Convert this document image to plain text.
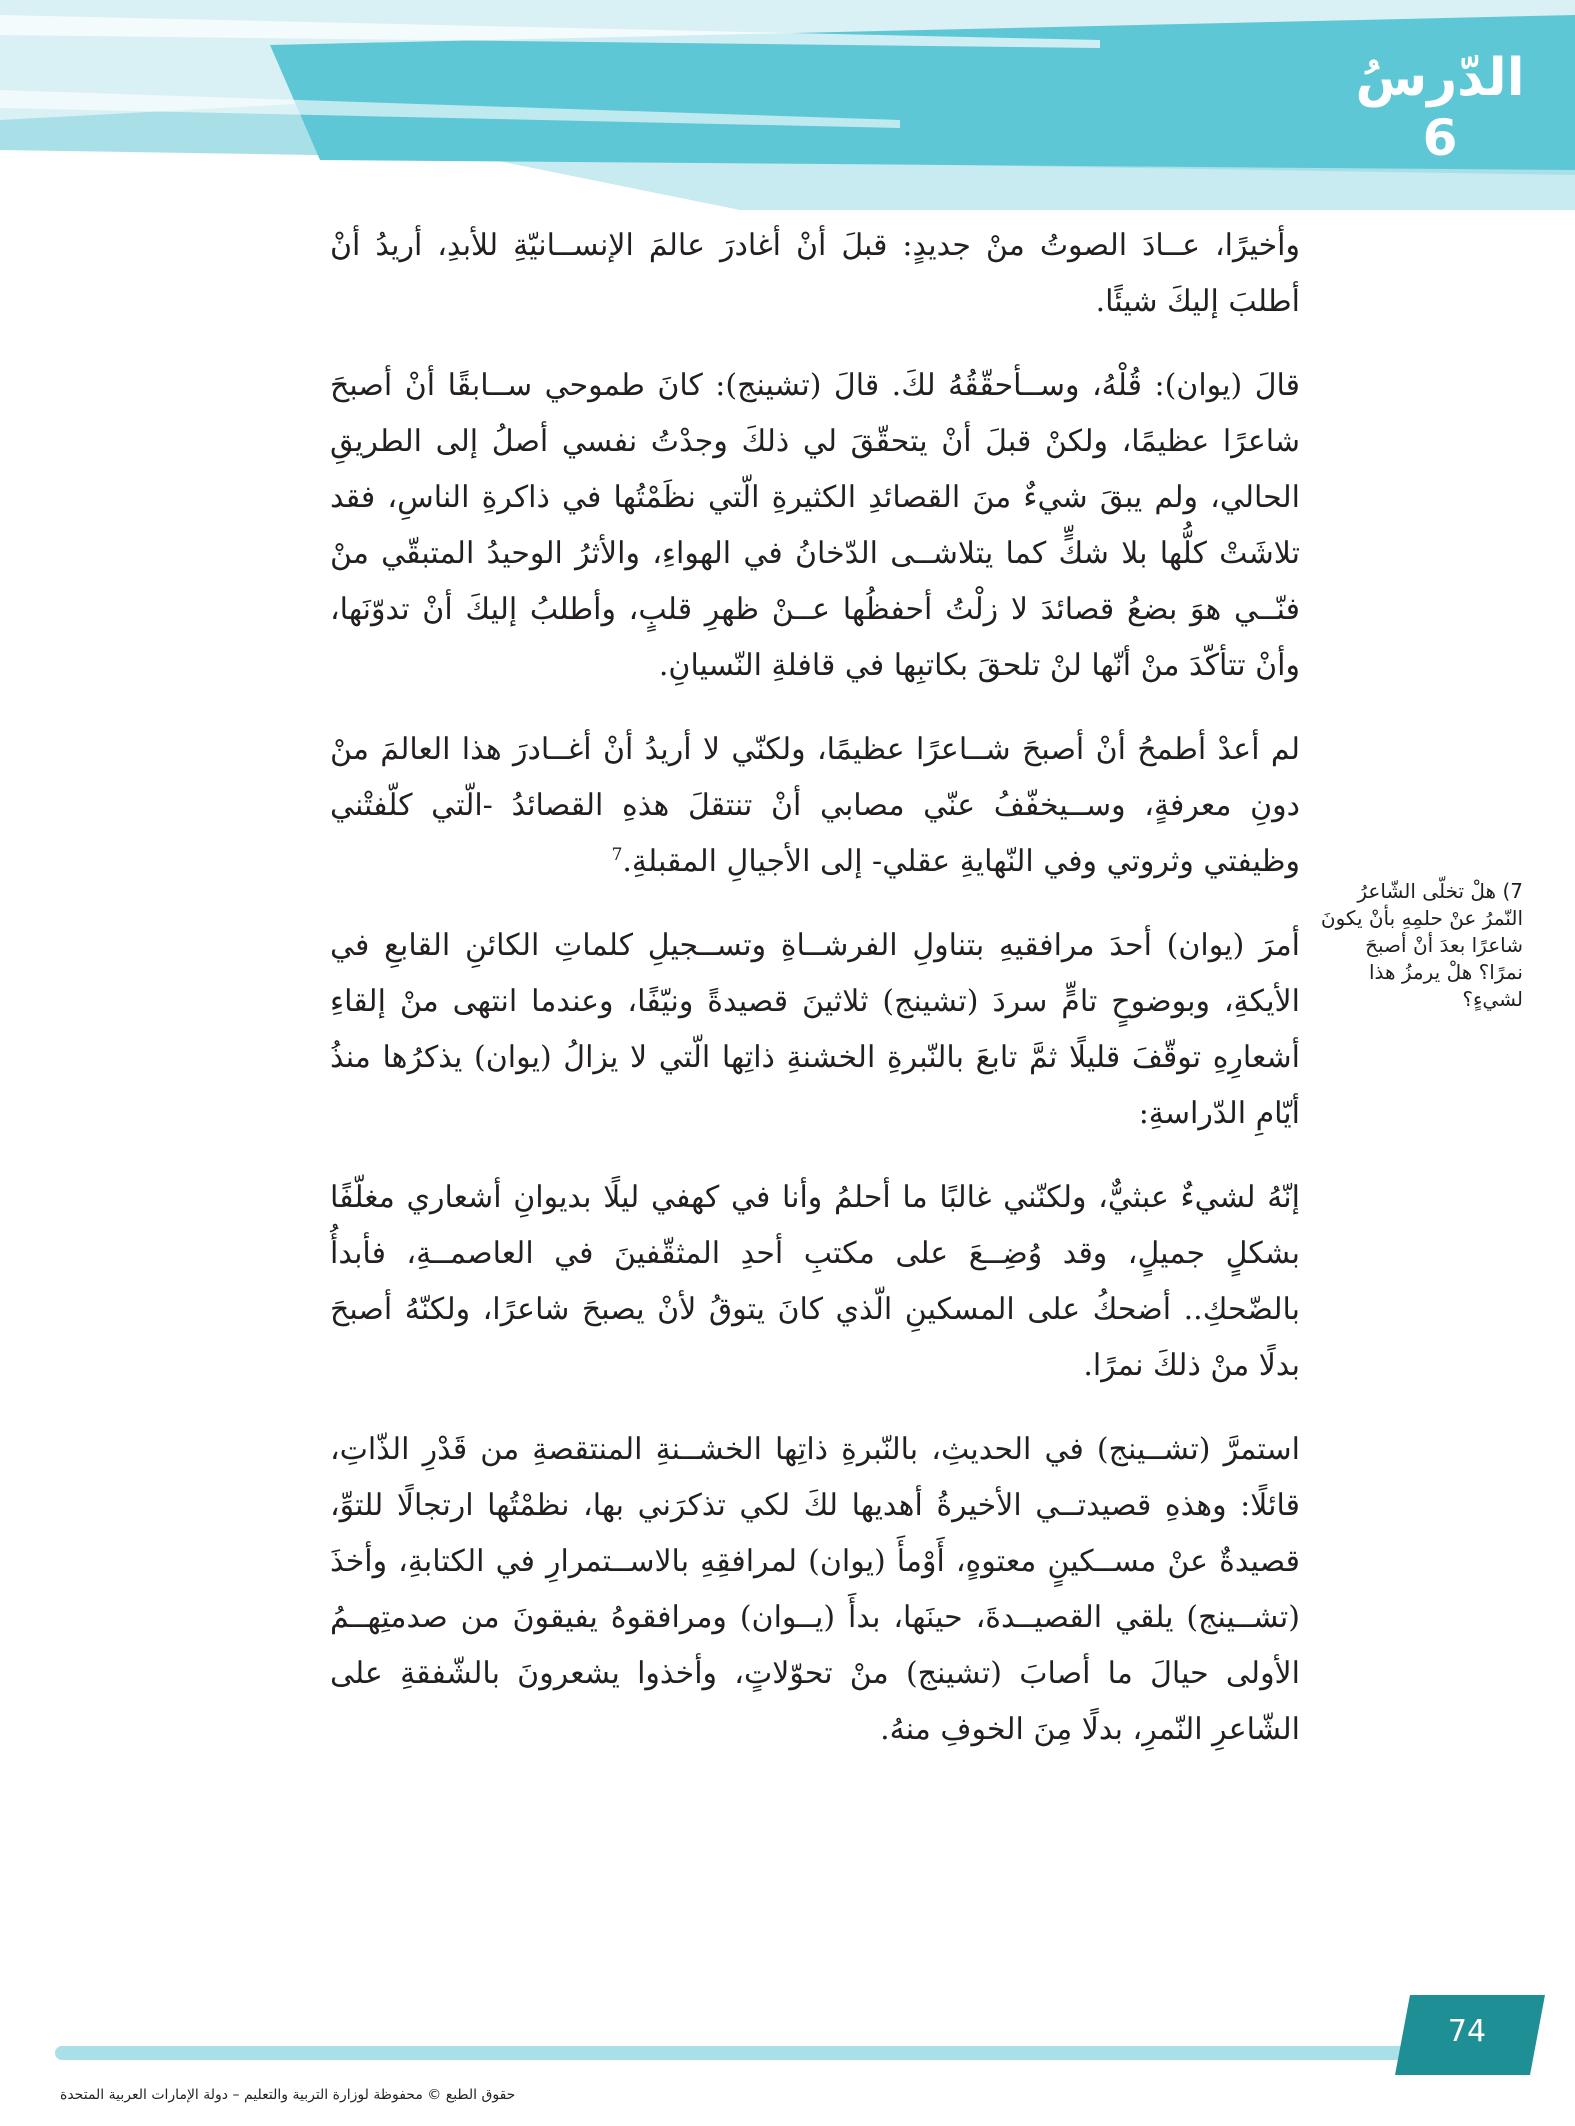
الدّرسُ
6

وأخيرًا، عــادَ الصوتُ منْ جديدٍ: قبلَ أنْ أغادرَ عالمَ الإنســانيّةِ للأبدِ، أريدُ أنْ أطلبَ إليكَ شيئًا.

قالَ (يوان): قُلْهُ، وســأحقّقُهُ لكَ. قالَ (تشينج): كانَ طموحي ســابقًا أنْ أصبحَ شاعرًا عظيمًا، ولكنْ قبلَ أنْ يتحقّقَ لي ذلكَ وجدْتُ نفسي أصلُ إلى الطريقِ الحالي، ولم يبقَ شيءٌ منَ القصائدِ الكثيرةِ الّتي نظَمْتُها في ذاكرةِ الناسِ، فقد تلاشَتْ كلُّها بلا شكٍّ كما يتلاشــى الدّخانُ في الهواءِ، والأثرُ الوحيدُ المتبقّي منْ فنّــي هوَ بضعُ قصائدَ لا زلْتُ أحفظُها عــنْ ظهرِ قلبٍ، وأطلبُ إليكَ أنْ تدوّنَها، وأنْ تتأكّدَ منْ أنّها لنْ تلحقَ بكاتبِها في قافلةِ النّسيانِ.

لم أعدْ أطمحُ أنْ أصبحَ شــاعرًا عظيمًا، ولكنّي لا أريدُ أنْ أغــادرَ هذا العالمَ منْ دونِ معرفةٍ، وســيخفّفُ عنّي مصابي أنْ تنتقلَ هذهِ القصائدُ -الّتي كلّفتْني وظيفتي وثروتي وفي النّهايةِ عقلي- إلى الأجيالِ المقبلةِ.$^7$

أمرَ (يوان) أحدَ مرافقيهِ بتناولِ الفرشــاةِ وتســجيلِ كلماتِ الكائنِ القابعِ في الأيكةِ، وبوضوحٍ تامٍّ سردَ (تشينج) ثلاثينَ قصيدةً ونيّفًا، وعندما انتهى منْ إلقاءِ أشعارِهِ توقّفَ قليلًا ثمَّ تابعَ بالنّبرةِ الخشنةِ ذاتِها الّتي لا يزالُ (يوان) يذكرُها منذُ أيّامِ الدّراسةِ:

إنّهُ لشيءٌ عبثيٌّ، ولكنّني غالبًا ما أحلمُ وأنا في كهفي ليلًا بديوانِ أشعاري مغلّفًا بشكلٍ جميلٍ، وقد وُضِــعَ على مكتبِ أحدِ المثقّفينَ في العاصمــةِ، فأبدأُ بالضّحكِ.. أضحكُ على المسكينِ الّذي كانَ يتوقُ لأنْ يصبحَ شاعرًا، ولكنّهُ أصبحَ بدلًا منْ ذلكَ نمرًا.

استمرَّ (تشــينج) في الحديثِ، بالنّبرةِ ذاتِها الخشــنةِ المنتقصةِ من قَدْرِ الذّاتِ، قائلًا: وهذهِ قصيدتــي الأخيرةُ أهديها لكَ لكي تذكرَني بها، نظمْتُها ارتجالًا للتوِّ، قصيدةٌ عنْ مســكينٍ معتوهٍ، أَوْمأَ (يوان) لمرافقِهِ بالاســتمرارِ في الكتابةِ، وأخذَ (تشــينج) يلقي القصيــدةَ، حينَها، بدأَ (يــوان) ومرافقوهُ يفيقونَ من صدمتِهــمُ الأولى حيالَ ما أصابَ (تشينج) منْ تحوّلاتٍ، وأخذوا يشعرونَ بالشّفقةِ على الشّاعرِ النّمرِ، بدلًا مِنَ الخوفِ منهُ.

7) هلْ تخلّى الشّاعرُ النّمرُ عنْ حلمِهِ بأنْ يكونَ شاعرًا بعدَ أنْ أصبحَ نمرًا؟ هلْ يرمزُ هذا لشيءٍ؟
74
حقوق الطبع © محفوظة لوزارة التربية والتعليم – دولة الإمارات العربية المتحدة
